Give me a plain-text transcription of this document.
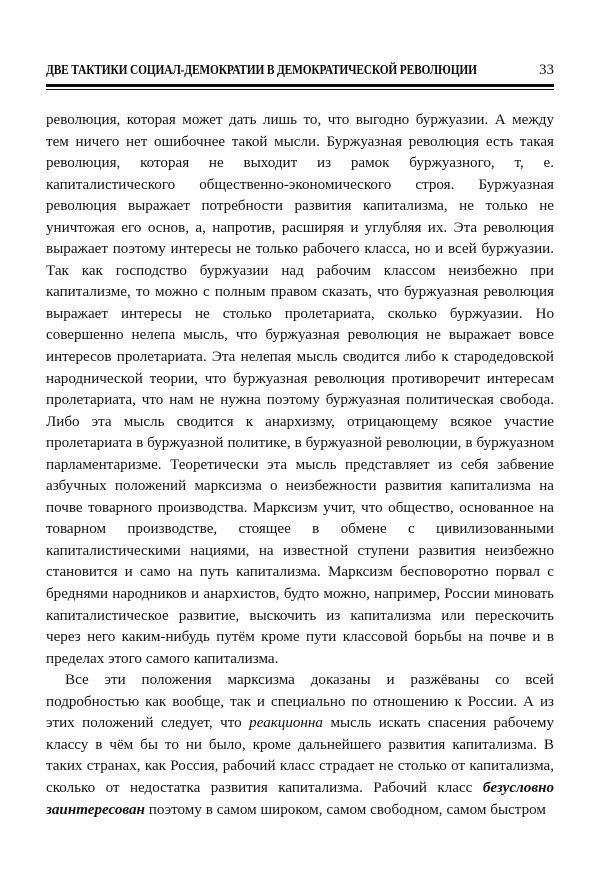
ДВЕ ТАКТИКИ СОЦИАЛ-ДЕМОКРАТИИ В ДЕМОКРАТИЧЕСКОЙ РЕВОЛЮЦИИ	33

революция, которая может дать лишь то, что выгодно буржуазии. А между тем ничего нет ошибочнее такой мысли. Буржуазная революция есть такая революция, которая не выходит из рамок буржуазного, т, е. капиталистического общественно-экономического строя. Буржуазная революция выражает потребности развития капитализма, не только не уничтожая его основ, а, напротив, расширяя и углубляя их. Эта революция выражает поэтому интересы не только рабочего класса, но и всей буржуазии. Так как господство буржуазии над рабочим классом неизбежно при капитализме, то можно с полным правом сказать, что буржуазная революция выражает интересы не столько пролетариата, сколько буржуазии. Но совершенно нелепа мысль, что буржуазная революция не выражает вовсе интересов пролетариата. Эта нелепая мысль сводится либо к стародедовской народнической теории, что буржуазная революция противоречит интересам пролетариата, что нам не нужна поэтому буржуазная политическая свобода. Либо эта мысль сводится к анархизму, отрицающему всякое участие пролетариата в буржуазной политике, в буржуазной революции, в буржуазном парламентаризме. Теоретически эта мысль представляет из себя забвение азбучных положений марксизма о неизбежности развития капитализма на почве товарного производства. Марксизм учит, что общество, основанное на товарном производстве, стоящее в обмене с цивилизованными капиталистическими нациями, на известной ступени развития неизбежно становится и само на путь капитализма. Марксизм бесповоротно порвал с бреднями народников и анархистов, будто можно, например, России миновать капиталистическое развитие, выскочить из капитализма или перескочить через него каким-нибудь путём кроме пути классовой борьбы на почве и в пределах этого самого капитализма.

Все эти положения марксизма доказаны и разжёваны со всей подробностью как вообще, так и специально по отношению к России. А из этих положений следует, что реакционна мысль искать спасения рабочему классу в чём бы то ни было, кроме дальнейшего развития капитализма. В таких странах, как Россия, рабочий класс страдает не столько от капитализма, сколько от недостатка развития капитализма. Рабочий класс безусловно заинтересован поэтому в самом широком, самом свободном, самом быстром
